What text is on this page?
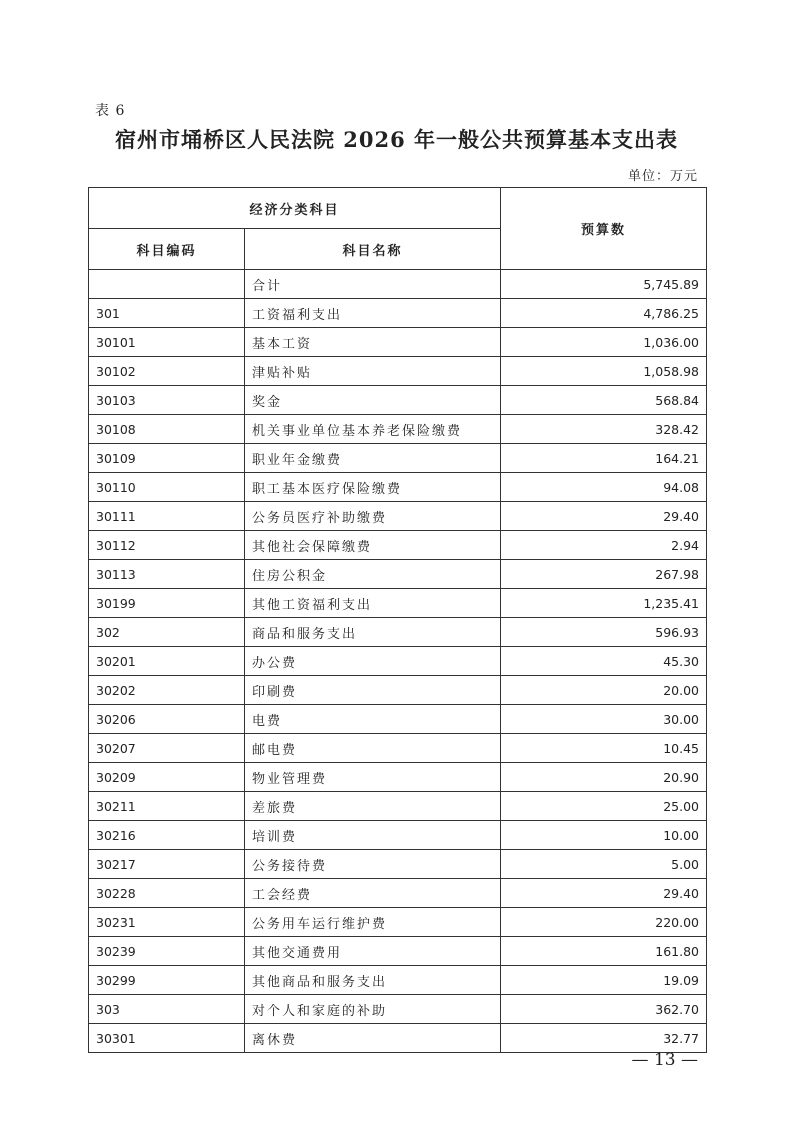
表 6
宿州市埇桥区人民法院 2026 年一般公共预算基本支出表
单位：万元
经济分类科目		预算数
科目编码	科目名称	
	合计	5,745.89
301	工资福利支出	4,786.25
30101	基本工资	1,036.00
30102	津贴补贴	1,058.98
30103	奖金	568.84
30108	机关事业单位基本养老保险缴费	328.42
30109	职业年金缴费	164.21
30110	职工基本医疗保险缴费	94.08
30111	公务员医疗补助缴费	29.40
30112	其他社会保障缴费	2.94
30113	住房公积金	267.98
30199	其他工资福利支出	1,235.41
302	商品和服务支出	596.93
30201	办公费	45.30
30202	印刷费	20.00
30206	电费	30.00
30207	邮电费	10.45
30209	物业管理费	20.90
30211	差旅费	25.00
30216	培训费	10.00
30217	公务接待费	5.00
30228	工会经费	29.40
30231	公务用车运行维护费	220.00
30239	其他交通费用	161.80
30299	其他商品和服务支出	19.09
303	对个人和家庭的补助	362.70
30301	离休费	32.77
— 13 —
